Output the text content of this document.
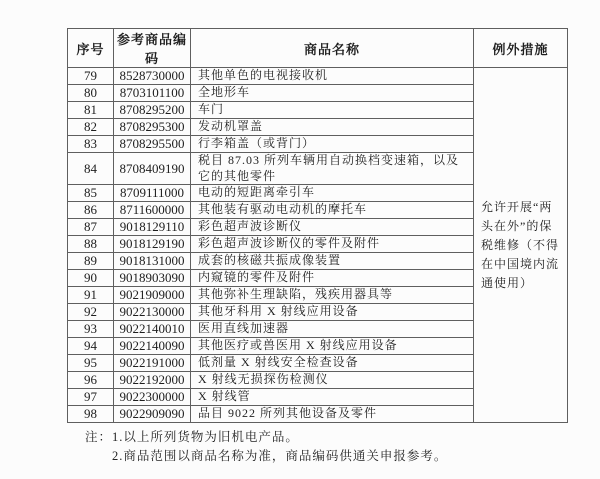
序号	参考商品编码	商品名称	例外措施
79	8528730000	其他单色的电视接收机	允许开展“两头在外”的保税维修（不得在中国境内流通使用）
80	8703101100	全地形车	
81	8708295200	车门	
82	8708295300	发动机罩盖	
83	8708295500	行李箱盖（或背门）	
84	8708409190	税目 87.03 所列车辆用自动换档变速箱，以及它的其他零件	
85	8709111000	电动的短距离牵引车	
86	8711600000	其他装有驱动电动机的摩托车	
87	9018129110	彩色超声波诊断仪	
88	9018129190	彩色超声波诊断仪的零件及附件	
89	9018131000	成套的核磁共振成像装置	
90	9018903090	内窥镜的零件及附件	
91	9021909000	其他弥补生理缺陷，残疾用器具等	
92	9022130000	其他牙科用 X 射线应用设备	
93	9022140010	医用直线加速器	
94	9022140090	其他医疗或兽医用 X 射线应用设备	
95	9022191000	低剂量 X 射线安全检查设备	
96	9022192000	X 射线无损探伤检测仪	
97	9022300000	X 射线管	
98	9022909090	品目 9022 所列其他设备及零件	
注： 1.以上所列货物为旧机电产品。
2.商品范围以商品名称为准，商品编码供通关申报参考。
